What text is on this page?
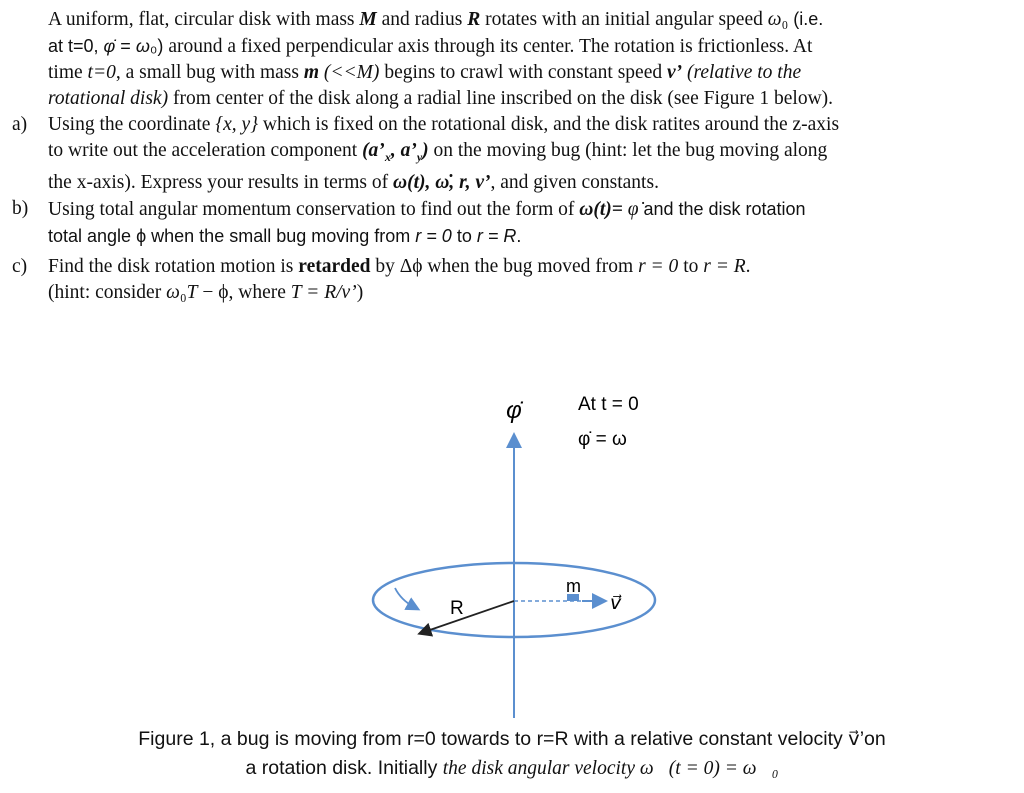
A uniform, flat, circular disk with mass M and radius R rotates with an initial angular speed ω₀ (i.e.
at t=0, φ̇ = ω₀) around a fixed perpendicular axis through its center. The rotation is frictionless. At
time t=0, a small bug with mass m (<<M) begins to crawl with constant speed v’ (relative to the
rotational disk) from center of the disk along a radial line inscribed on the disk (see Figure 1 below).
a)	Using the coordinate {x, y} which is fixed on the rotational disk, and the disk ratites around the z-axis
to write out the acceleration component ($a’_x$, $a’_y$) on the moving bug (hint: let the bug moving along
the x-axis). Express your results in terms of ω(t), ω̇, r, v’, and given constants.
b)	Using total angular momentum conservation to find out the form of ω(t)= φ̇ and the disk rotation
total angle ϕ when the small bug moving from r = 0 to r = R.
c)	Find the disk rotation motion is retarded by Δϕ when the bug moved from r = 0 to r = R.
(hint: consider ω₀T − ϕ, where T = R/v’)
φ̇	At t = 0
φ̇ = ω
R
m
v⃗
Figure 1, a bug is moving from r=0 towards to r=R with a relative constant velocity v⃗’on
a rotation disk. Initially the disk angular velocity ω⃗(t = 0) = ω⃗₀
